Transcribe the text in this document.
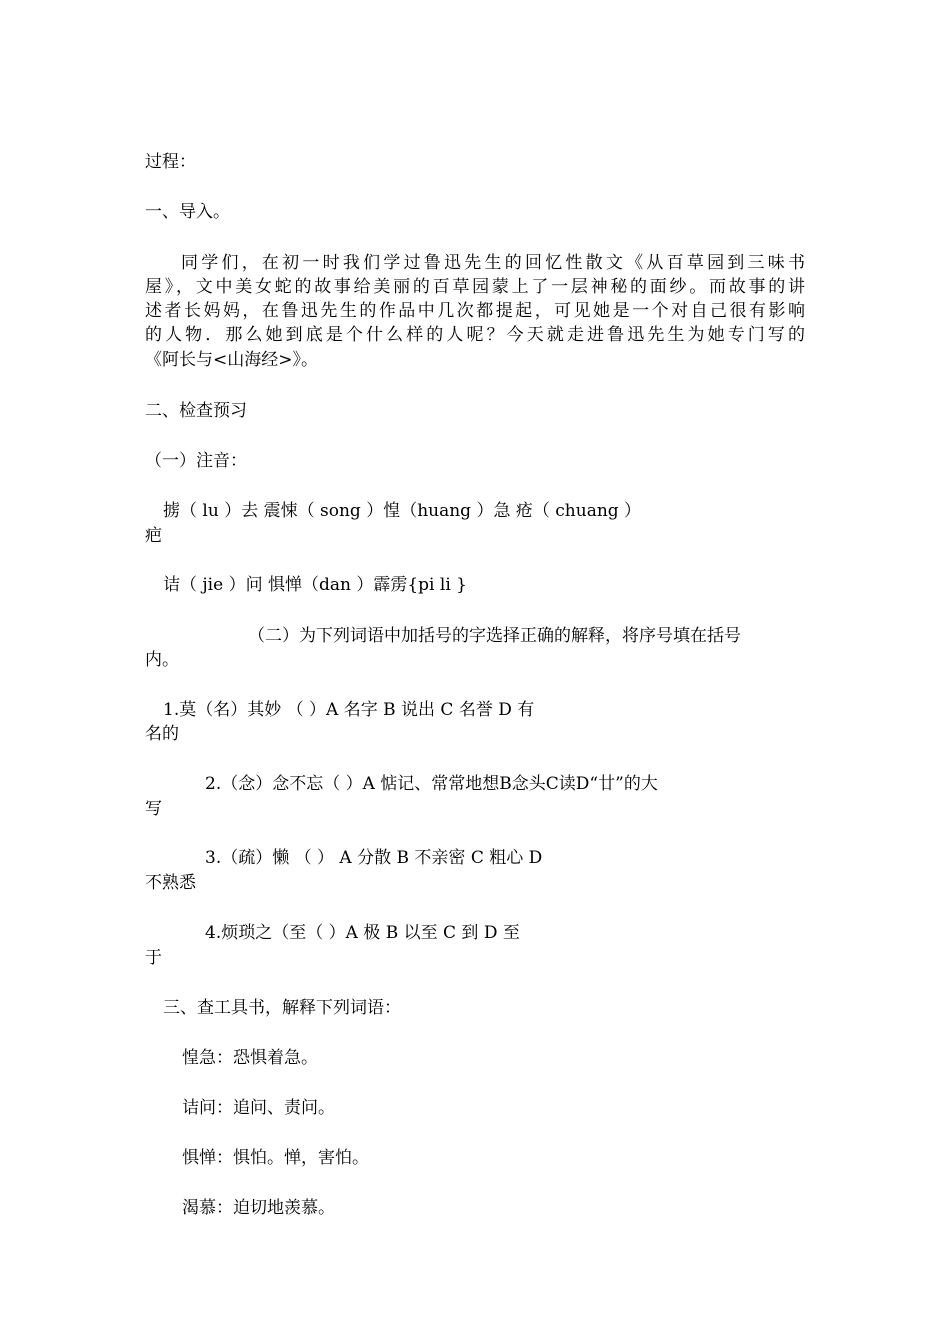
过程：
一、导入。
同学们，在初一时我们学过鲁迅先生的回忆性散文《从百草园到三味书
屋》，文中美女蛇的故事给美丽的百草园蒙上了一层神秘的面纱。而故事的讲
述者长妈妈，在鲁迅先生的作品中几次都提起，可见她是一个对自己很有影响
的人物．那么她到底是个什么样的人呢？今天就走进鲁迅先生为她专门写的
《阿长与<山海经>》。
二、检查预习
（一）注音：
掳（ lu ）去 震悚（ song ）惶（huang ）急 疮（ chuang ）
疤
诘（ jie ）问 惧惮（dan ）霹雳{pi li }
（二）为下列词语中加括号的字选择正确的解释，将序号填在括号
内。
1.莫（名）其妙 （ ）A 名字 B 说出 C 名誉 D 有
名的
2.（念）念不忘（ ）A 惦记、常常地想B念头C读D“廿”的大
写
3.（疏）懒 （ ） A 分散 B 不亲密 C 粗心 D
不熟悉
4.烦琐之（至（ ）A 极 B 以至 C 到 D 至
于
三、查工具书，解释下列词语：
惶急：恐惧着急。
诘问：追问、责问。
惧惮：惧怕。惮，害怕。
渴慕：迫切地羡慕。
